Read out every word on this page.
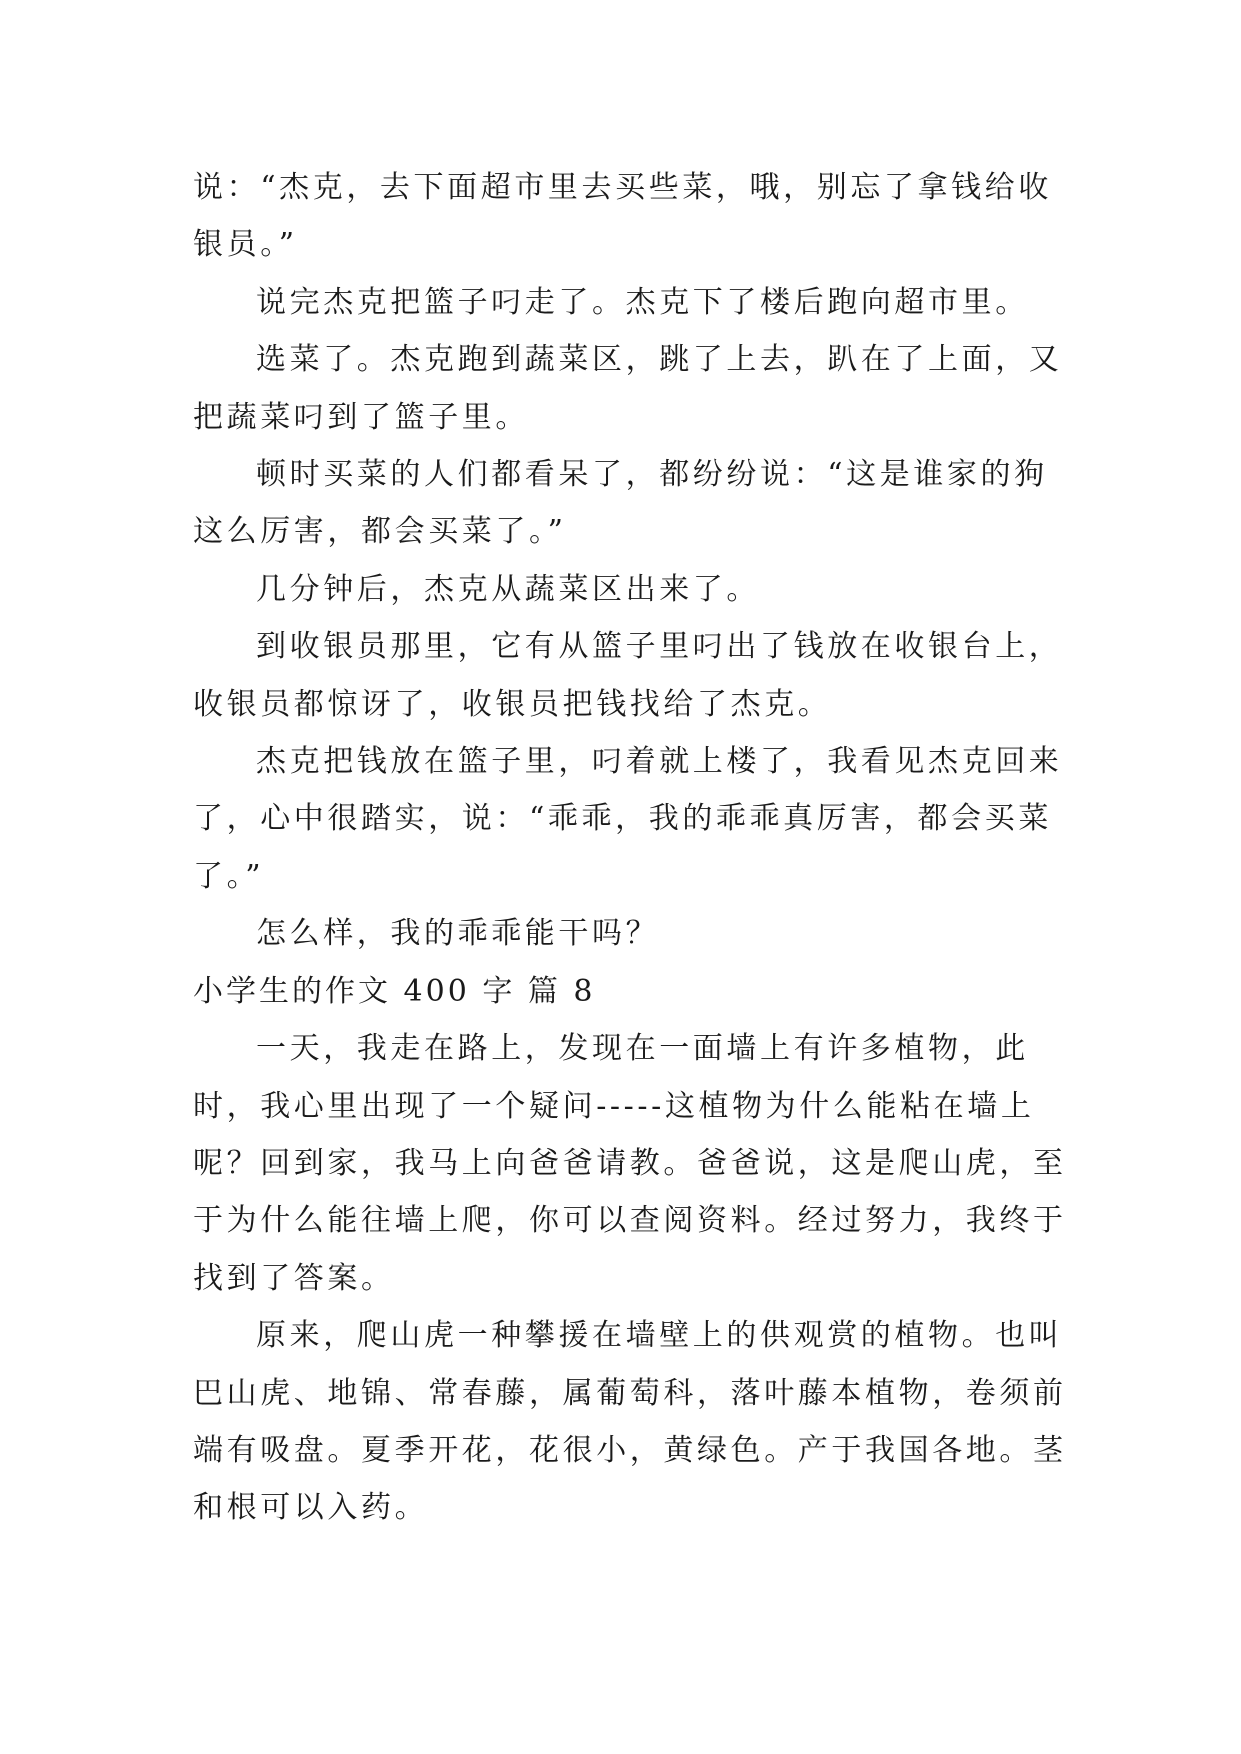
说：“杰克，去下面超市里去买些菜，哦，别忘了拿钱给收银员。”

说完杰克把篮子叼走了。杰克下了楼后跑向超市里。

选菜了。杰克跑到蔬菜区，跳了上去，趴在了上面，又把蔬菜叼到了篮子里。

顿时买菜的人们都看呆了，都纷纷说：“这是谁家的狗这么厉害，都会买菜了。”

几分钟后，杰克从蔬菜区出来了。

到收银员那里，它有从篮子里叼出了钱放在收银台上，收银员都惊讶了，收银员把钱找给了杰克。

杰克把钱放在篮子里，叼着就上楼了，我看见杰克回来了，心中很踏实，说：“乖乖，我的乖乖真厉害，都会买菜了。”

怎么样，我的乖乖能干吗？

小学生的作文 400 字 篇 8

一天，我走在路上，发现在一面墙上有许多植物，此时，我心里出现了一个疑问-----这植物为什么能粘在墙上呢？回到家，我马上向爸爸请教。爸爸说，这是爬山虎，至于为什么能往墙上爬，你可以查阅资料。经过努力，我终于找到了答案。

原来，爬山虎一种攀援在墙壁上的供观赏的植物。也叫巴山虎、地锦、常春藤，属葡萄科，落叶藤本植物，卷须前端有吸盘。夏季开花，花很小，黄绿色。产于我国各地。茎和根可以入药。
